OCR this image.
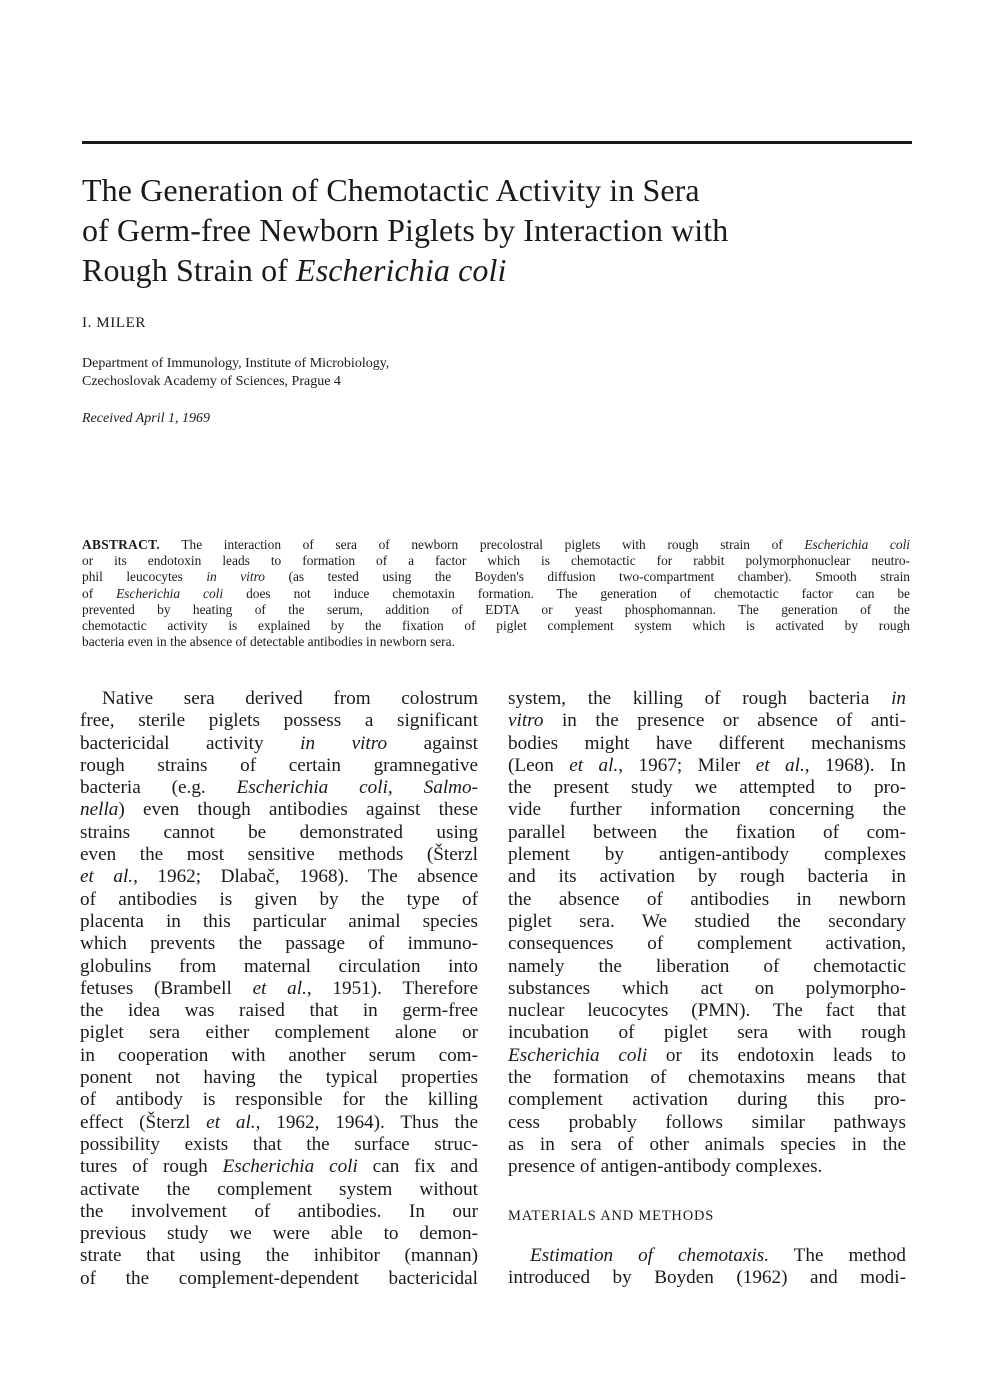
The Generation of Chemotactic Activity in Sera
of Germ-free Newborn Piglets by Interaction with
Rough Strain of Escherichia coli

I. MILER

Department of Immunology, Institute of Microbiology,
Czechoslovak Academy of Sciences, Prague 4

Received April 1, 1969

ABSTRACT. The interaction of sera of newborn precolostral piglets with rough strain of Escherichia coli
or its endotoxin leads to formation of a factor which is chemotactic for rabbit polymorphonuclear neutro-
phil leucocytes in vitro (as tested using the Boyden's diffusion two-compartment chamber). Smooth strain
of Escherichia coli does not induce chemotaxin formation. The generation of chemotactic factor can be
prevented by heating of the serum, addition of EDTA or yeast phosphomannan. The generation of the
chemotactic activity is explained by the fixation of piglet complement system which is activated by rough
bacteria even in the absence of detectable antibodies in newborn sera.
Native sera derived from colostrum
free, sterile piglets possess a significant
bactericidal activity in vitro against
rough strains of certain gramnegative
bacteria (e.g. Escherichia coli, Salmo-
nella) even though antibodies against these
strains cannot be demonstrated using
even the most sensitive methods (Šterzl
et al., 1962; Dlabač, 1968). The absence
of antibodies is given by the type of
placenta in this particular animal species
which prevents the passage of immuno-
globulins from maternal circulation into
fetuses (Brambell et al., 1951). Therefore
the idea was raised that in germ-free
piglet sera either complement alone or
in cooperation with another serum com-
ponent not having the typical properties
of antibody is responsible for the killing
effect (Šterzl et al., 1962, 1964). Thus the
possibility exists that the surface struc-
tures of rough Escherichia coli can fix and
activate the complement system without
the involvement of antibodies. In our
previous study we were able to demon-
strate that using the inhibitor (mannan)
of the complement-dependent bactericidal
system, the killing of rough bacteria in
vitro in the presence or absence of anti-
bodies might have different mechanisms
(Leon et al., 1967; Miler et al., 1968). In
the present study we attempted to pro-
vide further information concerning the
parallel between the fixation of com-
plement by antigen-antibody complexes
and its activation by rough bacteria in
the absence of antibodies in newborn
piglet sera. We studied the secondary
consequences of complement activation,
namely the liberation of chemotactic
substances which act on polymorpho-
nuclear leucocytes (PMN). The fact that
incubation of piglet sera with rough
Escherichia coli or its endotoxin leads to
the formation of chemotaxins means that
complement activation during this pro-
cess probably follows similar pathways
as in sera of other animals species in the
presence of antigen-antibody complexes.
MATERIALS AND METHODS
Estimation of chemotaxis. The method
introduced by Boyden (1962) and modi-
